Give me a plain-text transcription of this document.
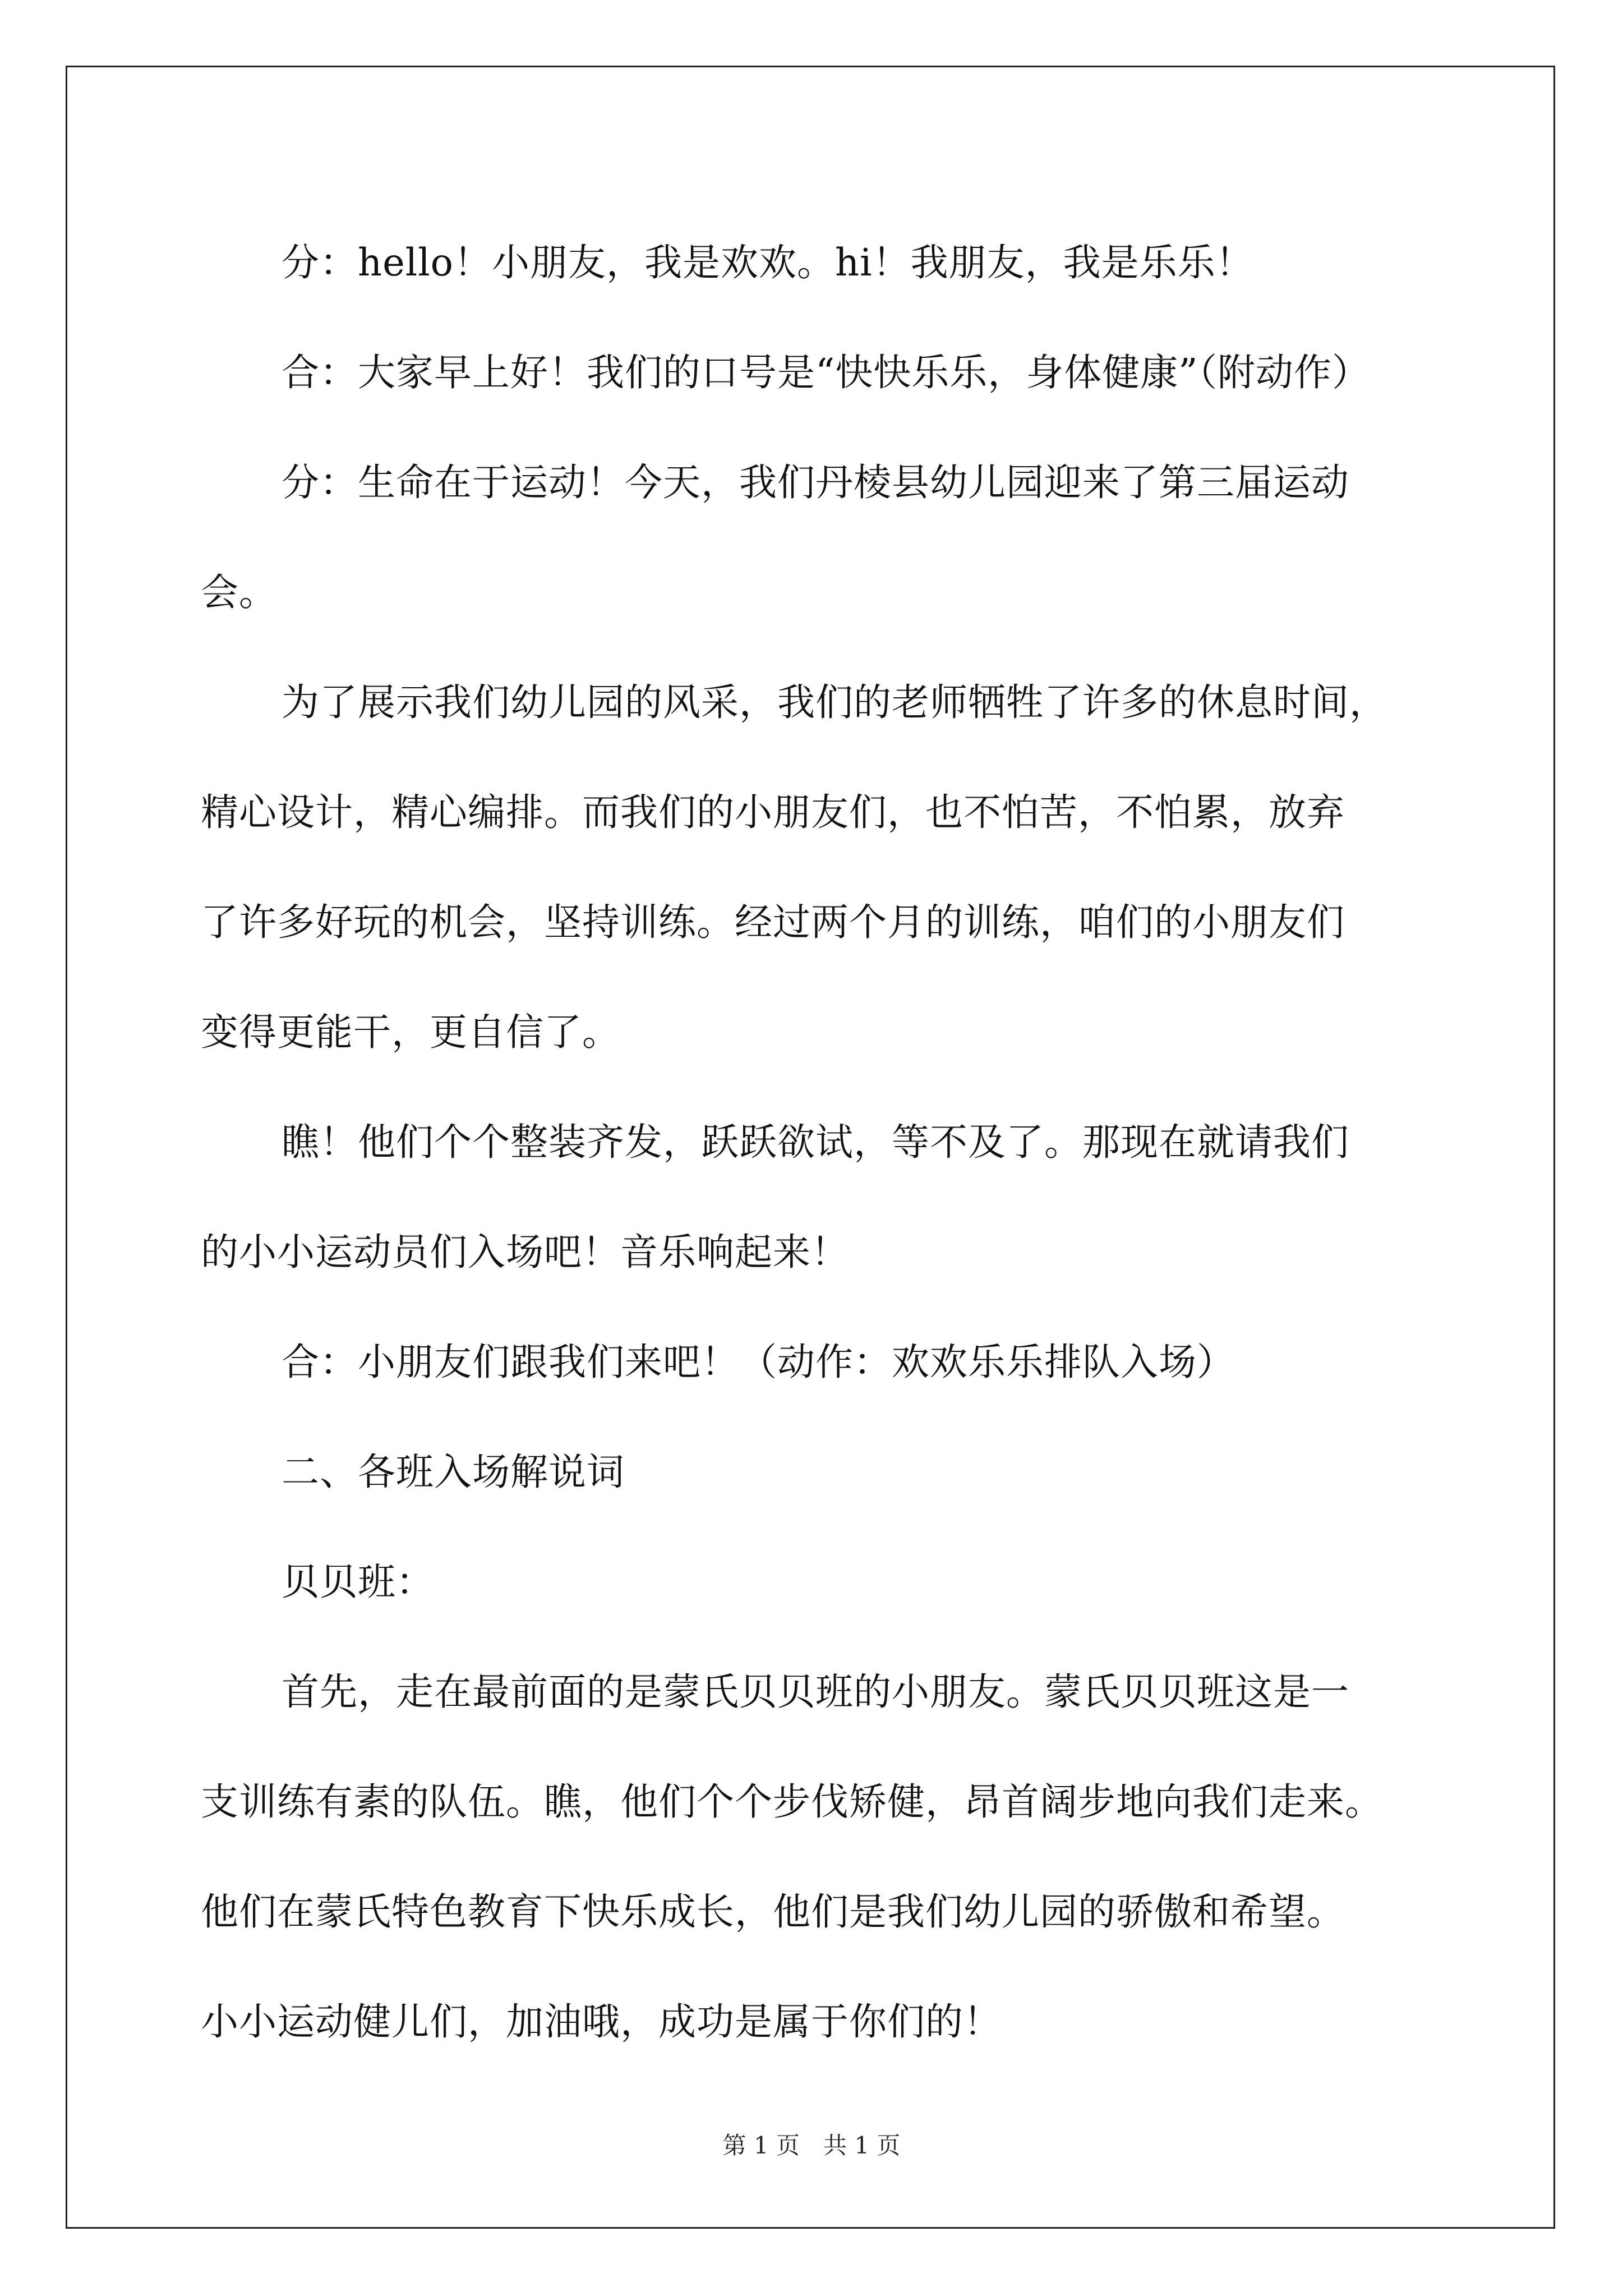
分：hello！小朋友，我是欢欢。hi！我朋友，我是乐乐！

合：大家早上好！我们的口号是“快快乐乐，身体健康”（附动作）

分：生命在于运动！今天，我们丹棱县幼儿园迎来了第三届运动

会。

为了展示我们幼儿园的风采，我们的老师牺牲了许多的休息时间，

精心设计，精心编排。而我们的小朋友们，也不怕苦，不怕累，放弃

了许多好玩的机会，坚持训练。经过两个月的训练，咱们的小朋友们

变得更能干，更自信了。

瞧！他们个个整装齐发，跃跃欲试，等不及了。那现在就请我们

的小小运动员们入场吧！音乐响起来！

合：小朋友们跟我们来吧！（动作：欢欢乐乐排队入场）

二、各班入场解说词

贝贝班：

首先，走在最前面的是蒙氏贝贝班的小朋友。蒙氏贝贝班这是一

支训练有素的队伍。瞧，他们个个步伐矫健，昂首阔步地向我们走来。

他们在蒙氏特色教育下快乐成长，他们是我们幼儿园的骄傲和希望。

小小运动健儿们，加油哦，成功是属于你们的！

第 1 页　共 1 页
